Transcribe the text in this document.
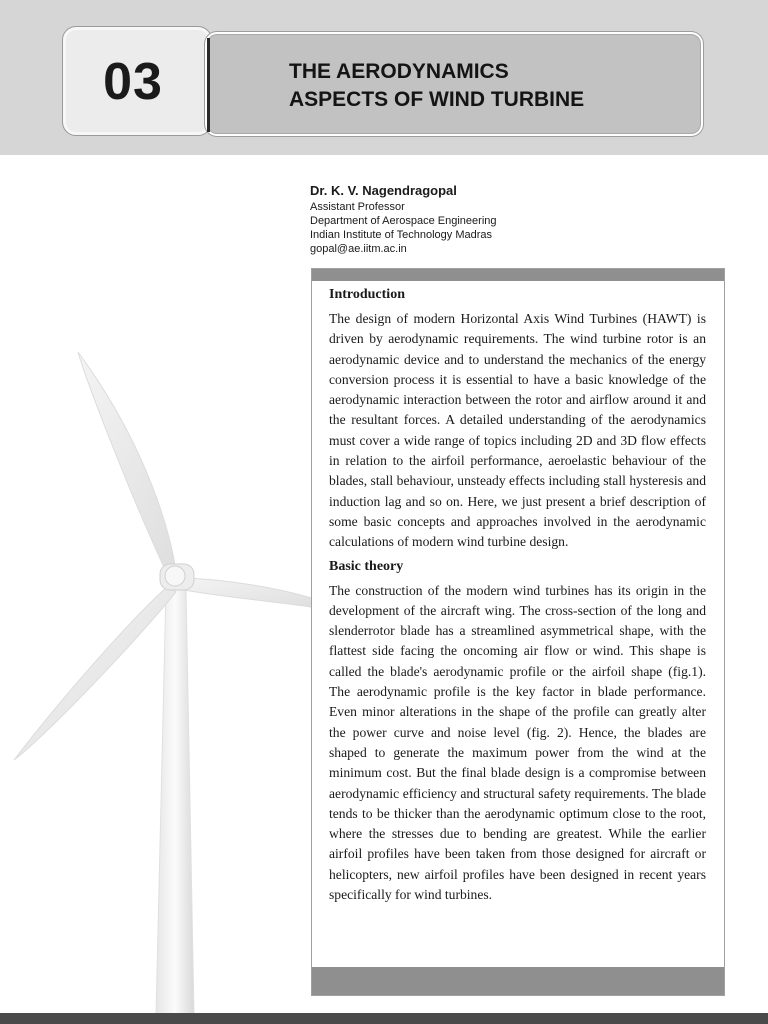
03	THE AERODYNAMICS
ASPECTS OF WIND TURBINE
Dr. K. V. Nagendragopal
Assistant Professor
Department of Aerospace Engineering
Indian Institute of Technology Madras
gopal@ae.iitm.ac.in
Introduction

The design of modern Horizontal Axis Wind Turbines (HAWT) is driven by aerodynamic requirements. The wind turbine rotor is an aerodynamic device and to understand the mechanics of the energy conversion process it is essential to have a basic knowledge of the aerodynamic interaction between the rotor and airflow around it and the resultant forces. A detailed understanding of the aerodynamics must cover a wide range of topics including 2D and 3D flow effects in relation to the airfoil performance, aeroelastic behaviour of the blades, stall behaviour, unsteady effects including stall hysteresis and induction lag and so on. Here, we just present a brief description of some basic concepts and approaches involved in the aerodynamic calculations of modern wind turbine design.

Basic theory

The construction of the modern wind turbines has its origin in the development of the aircraft wing. The cross-section of the long and slenderrotor blade has a streamlined asymmetrical shape, with the flattest side facing the oncoming air flow or wind. This shape is called the blade's aerodynamic profile or the airfoil shape (fig.1). The aerodynamic profile is the key factor in blade performance. Even minor alterations in the shape of the profile can greatly alter the power curve and noise level (fig. 2). Hence, the blades are shaped to generate the maximum power from the wind at the minimum cost. But the final blade design is a compromise between aerodynamic efficiency and structural safety requirements. The blade tends to be thicker than the aerodynamic optimum close to the root, where the stresses due to bending are greatest. While the earlier airfoil profiles have been taken from those designed for aircraft or helicopters, new airfoil profiles have been designed in recent years specifically for wind turbines.
